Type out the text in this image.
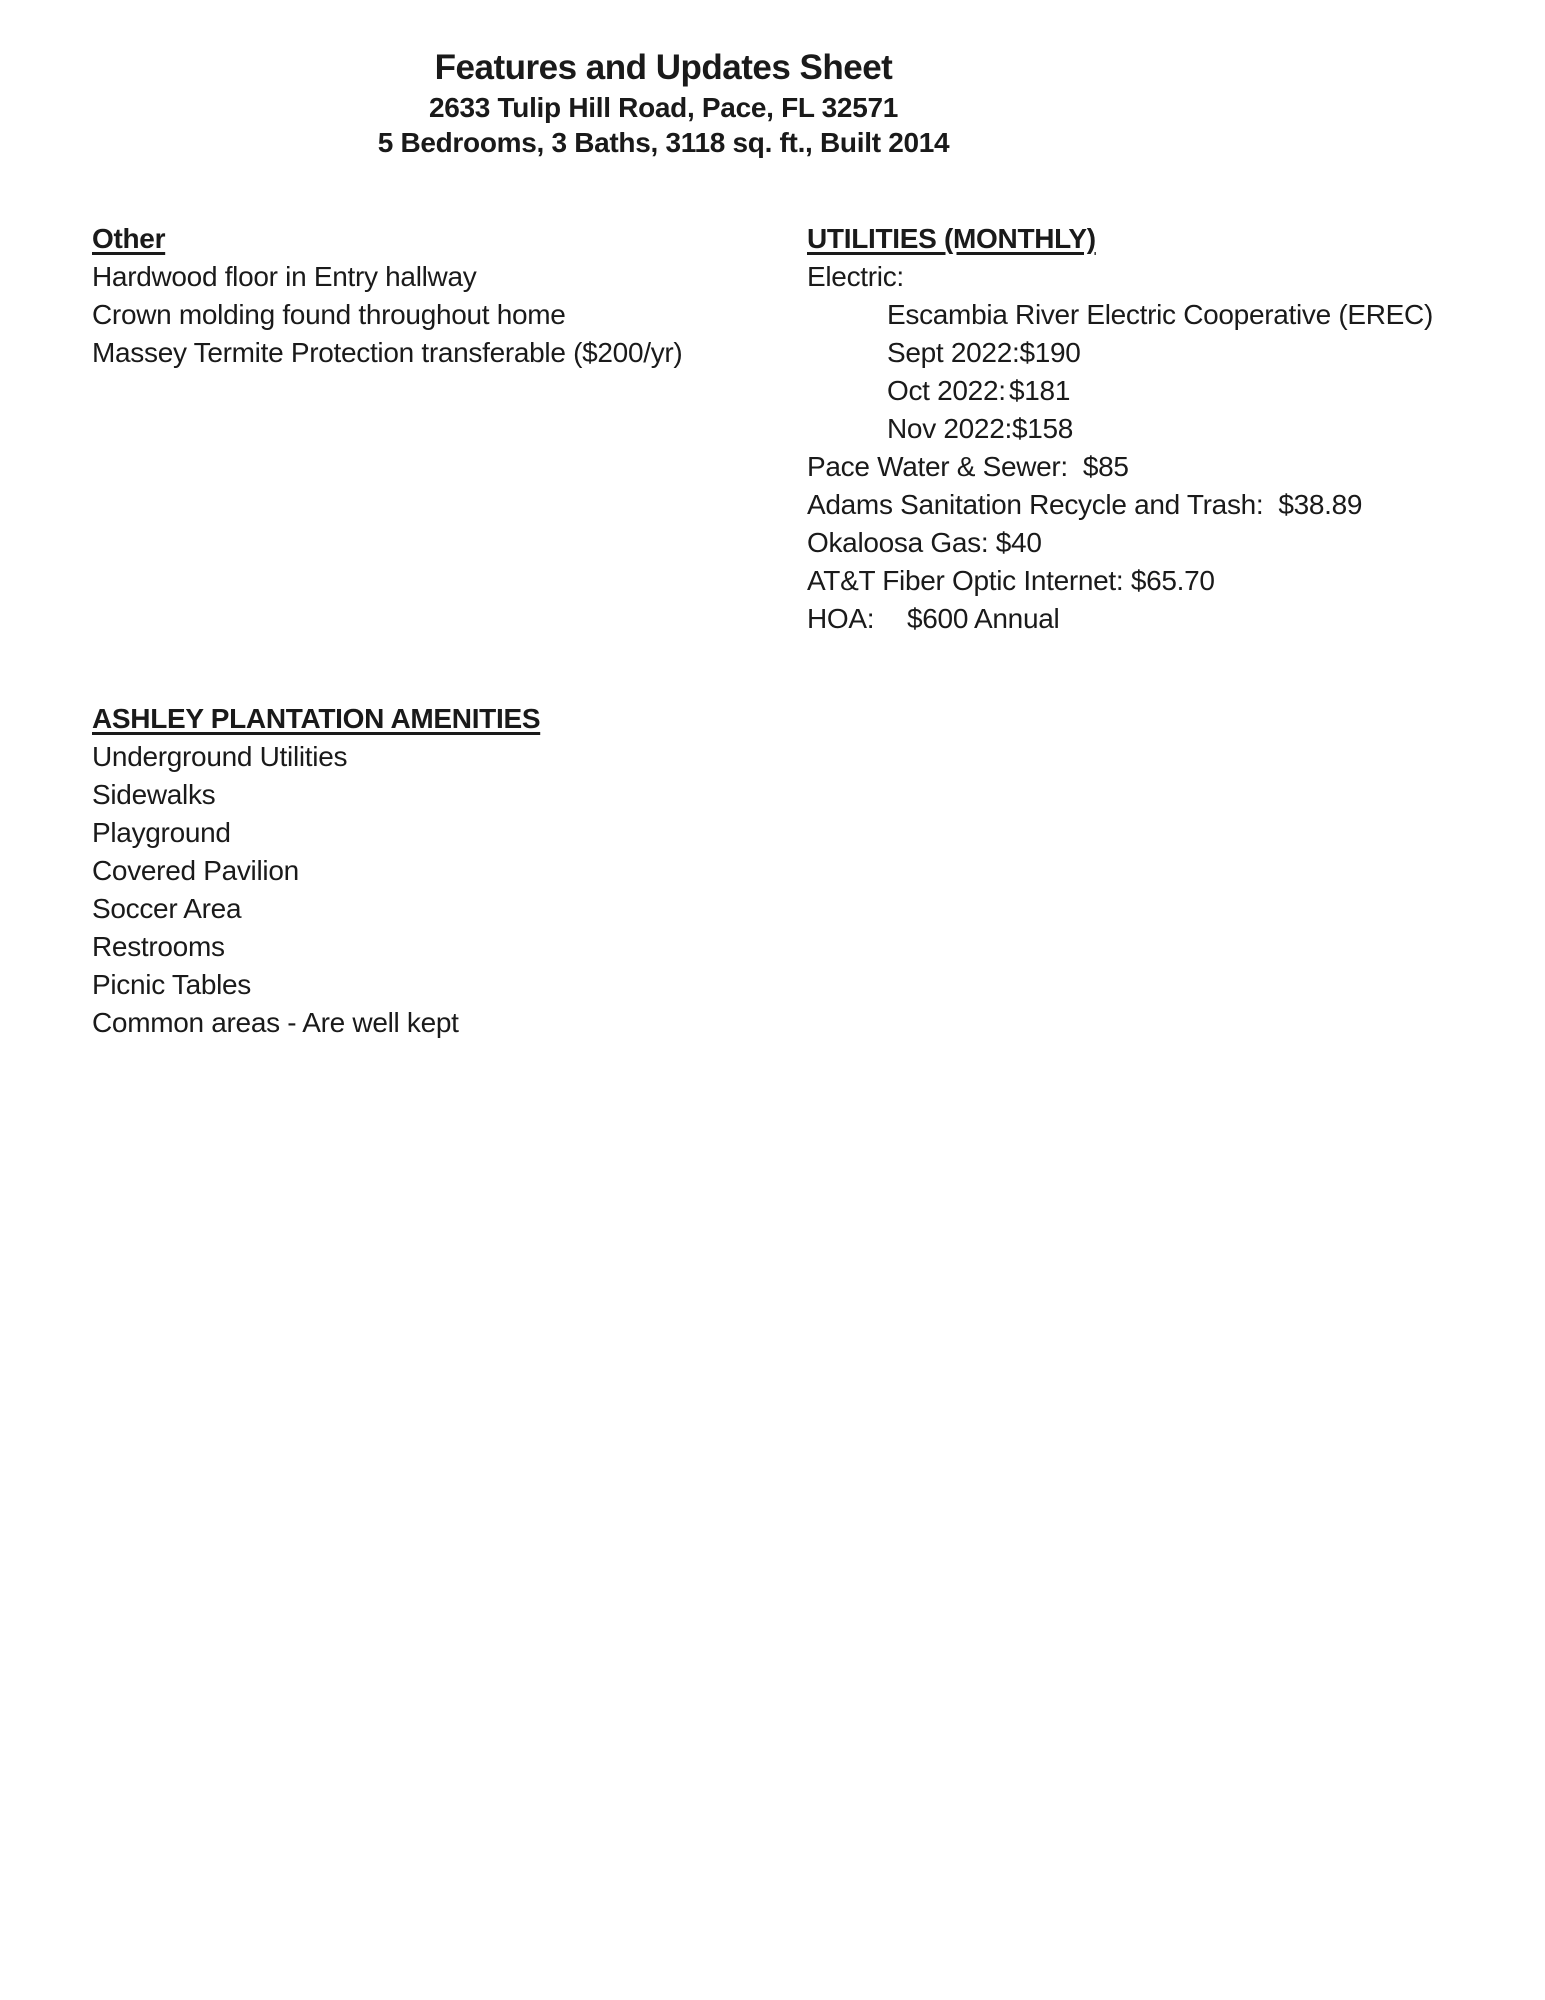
Features and Updates Sheet

2633 Tulip Hill Road, Pace, FL 32571

5 Bedrooms, 3 Baths, 3118 sq. ft., Built 2014

Other

Hardwood floor in Entry hallway

Crown molding found throughout home

Massey Termite Protection transferable ($200/yr)

UTILITIES (MONTHLY)

Electric:

Escambia River Electric Cooperative (EREC)

Sept 2022:$190

Oct 2022: $181

Nov 2022:$158

Pace Water & Sewer:  $85

Adams Sanitation Recycle and Trash:  $38.89

Okaloosa Gas: $40

AT&T Fiber Optic Internet: $65.70

HOA: $600 Annual

ASHLEY PLANTATION AMENITIES

Underground Utilities

Sidewalks

Playground

Covered Pavilion

Soccer Area

Restrooms

Picnic Tables

Common areas - Are well kept
